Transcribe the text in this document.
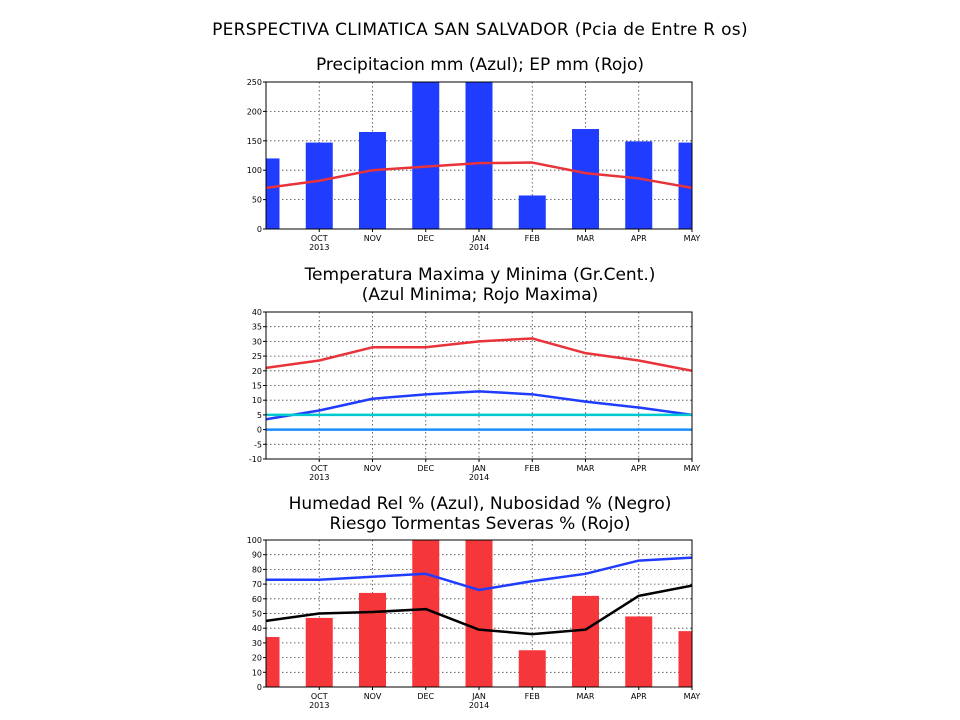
PERSPECTIVA CLIMATICA SAN SALVADOR (Pcia de Entre R os)
Precipitacion mm (Azul); EP mm (Rojo)
Temperatura Maxima y Minima (Gr.Cent.)
(Azul Minima; Rojo Maxima)
Humedad Rel % (Azul), Nubosidad % (Negro)
Riesgo Tormentas Severas % (Rojo)
0
50
100
150
200
250
OCT
2013
NOV	DEC	JAN
2014
FEB	MAR	APR	MAY
-10
-5
0
5
10
15
20
25
30
35
40
OCT
2013
NOV	DEC	JAN
2014
FEB	MAR	APR	MAY
0
10
20
30
40
50
60
70
80
90
100
OCT
2013
NOV	DEC	JAN
2014
FEB	MAR	APR	MAY
